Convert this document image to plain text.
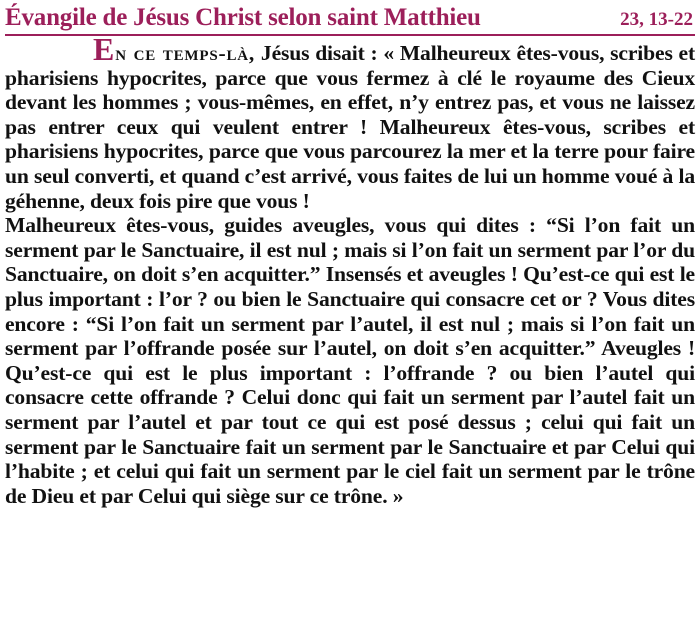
Évangile de Jésus Christ selon saint Matthieu	23, 13-22

En ce temps-là, Jésus disait : « Malheureux êtes-vous, scribes et pharisiens hypocrites, parce que vous fermez à clé le royaume des Cieux devant les hommes ; vous-mêmes, en effet, n’y entrez pas, et vous ne laissez pas entrer ceux qui veulent entrer ! Malheureux êtes-vous, scribes et pharisiens hypocrites, parce que vous parcourez la mer et la terre pour faire un seul converti, et quand c’est arrivé, vous faites de lui un homme voué à la géhenne, deux fois pire que vous !

Malheureux êtes-vous, guides aveugles, vous qui dites : “Si l’on fait un serment par le Sanctuaire, il est nul ; mais si l’on fait un serment par l’or du Sanctuaire, on doit s’en acquitter.” Insensés et aveugles ! Qu’est-ce qui est le plus important : l’or ? ou bien le Sanctuaire qui consacre cet or ? Vous dites encore : “Si l’on fait un serment par l’autel, il est nul ; mais si l’on fait un serment par l’offrande posée sur l’autel, on doit s’en acquitter.” Aveugles ! Qu’est-ce qui est le plus important : l’offrande ? ou bien l’autel qui consacre cette offrande ? Celui donc qui fait un serment par l’autel fait un serment par l’autel et par tout ce qui est posé dessus ; celui qui fait un serment par le Sanctuaire fait un serment par le Sanctuaire et par Celui qui l’habite ; et celui qui fait un serment par le ciel fait un serment par le trône de Dieu et par Celui qui siège sur ce trône. »
